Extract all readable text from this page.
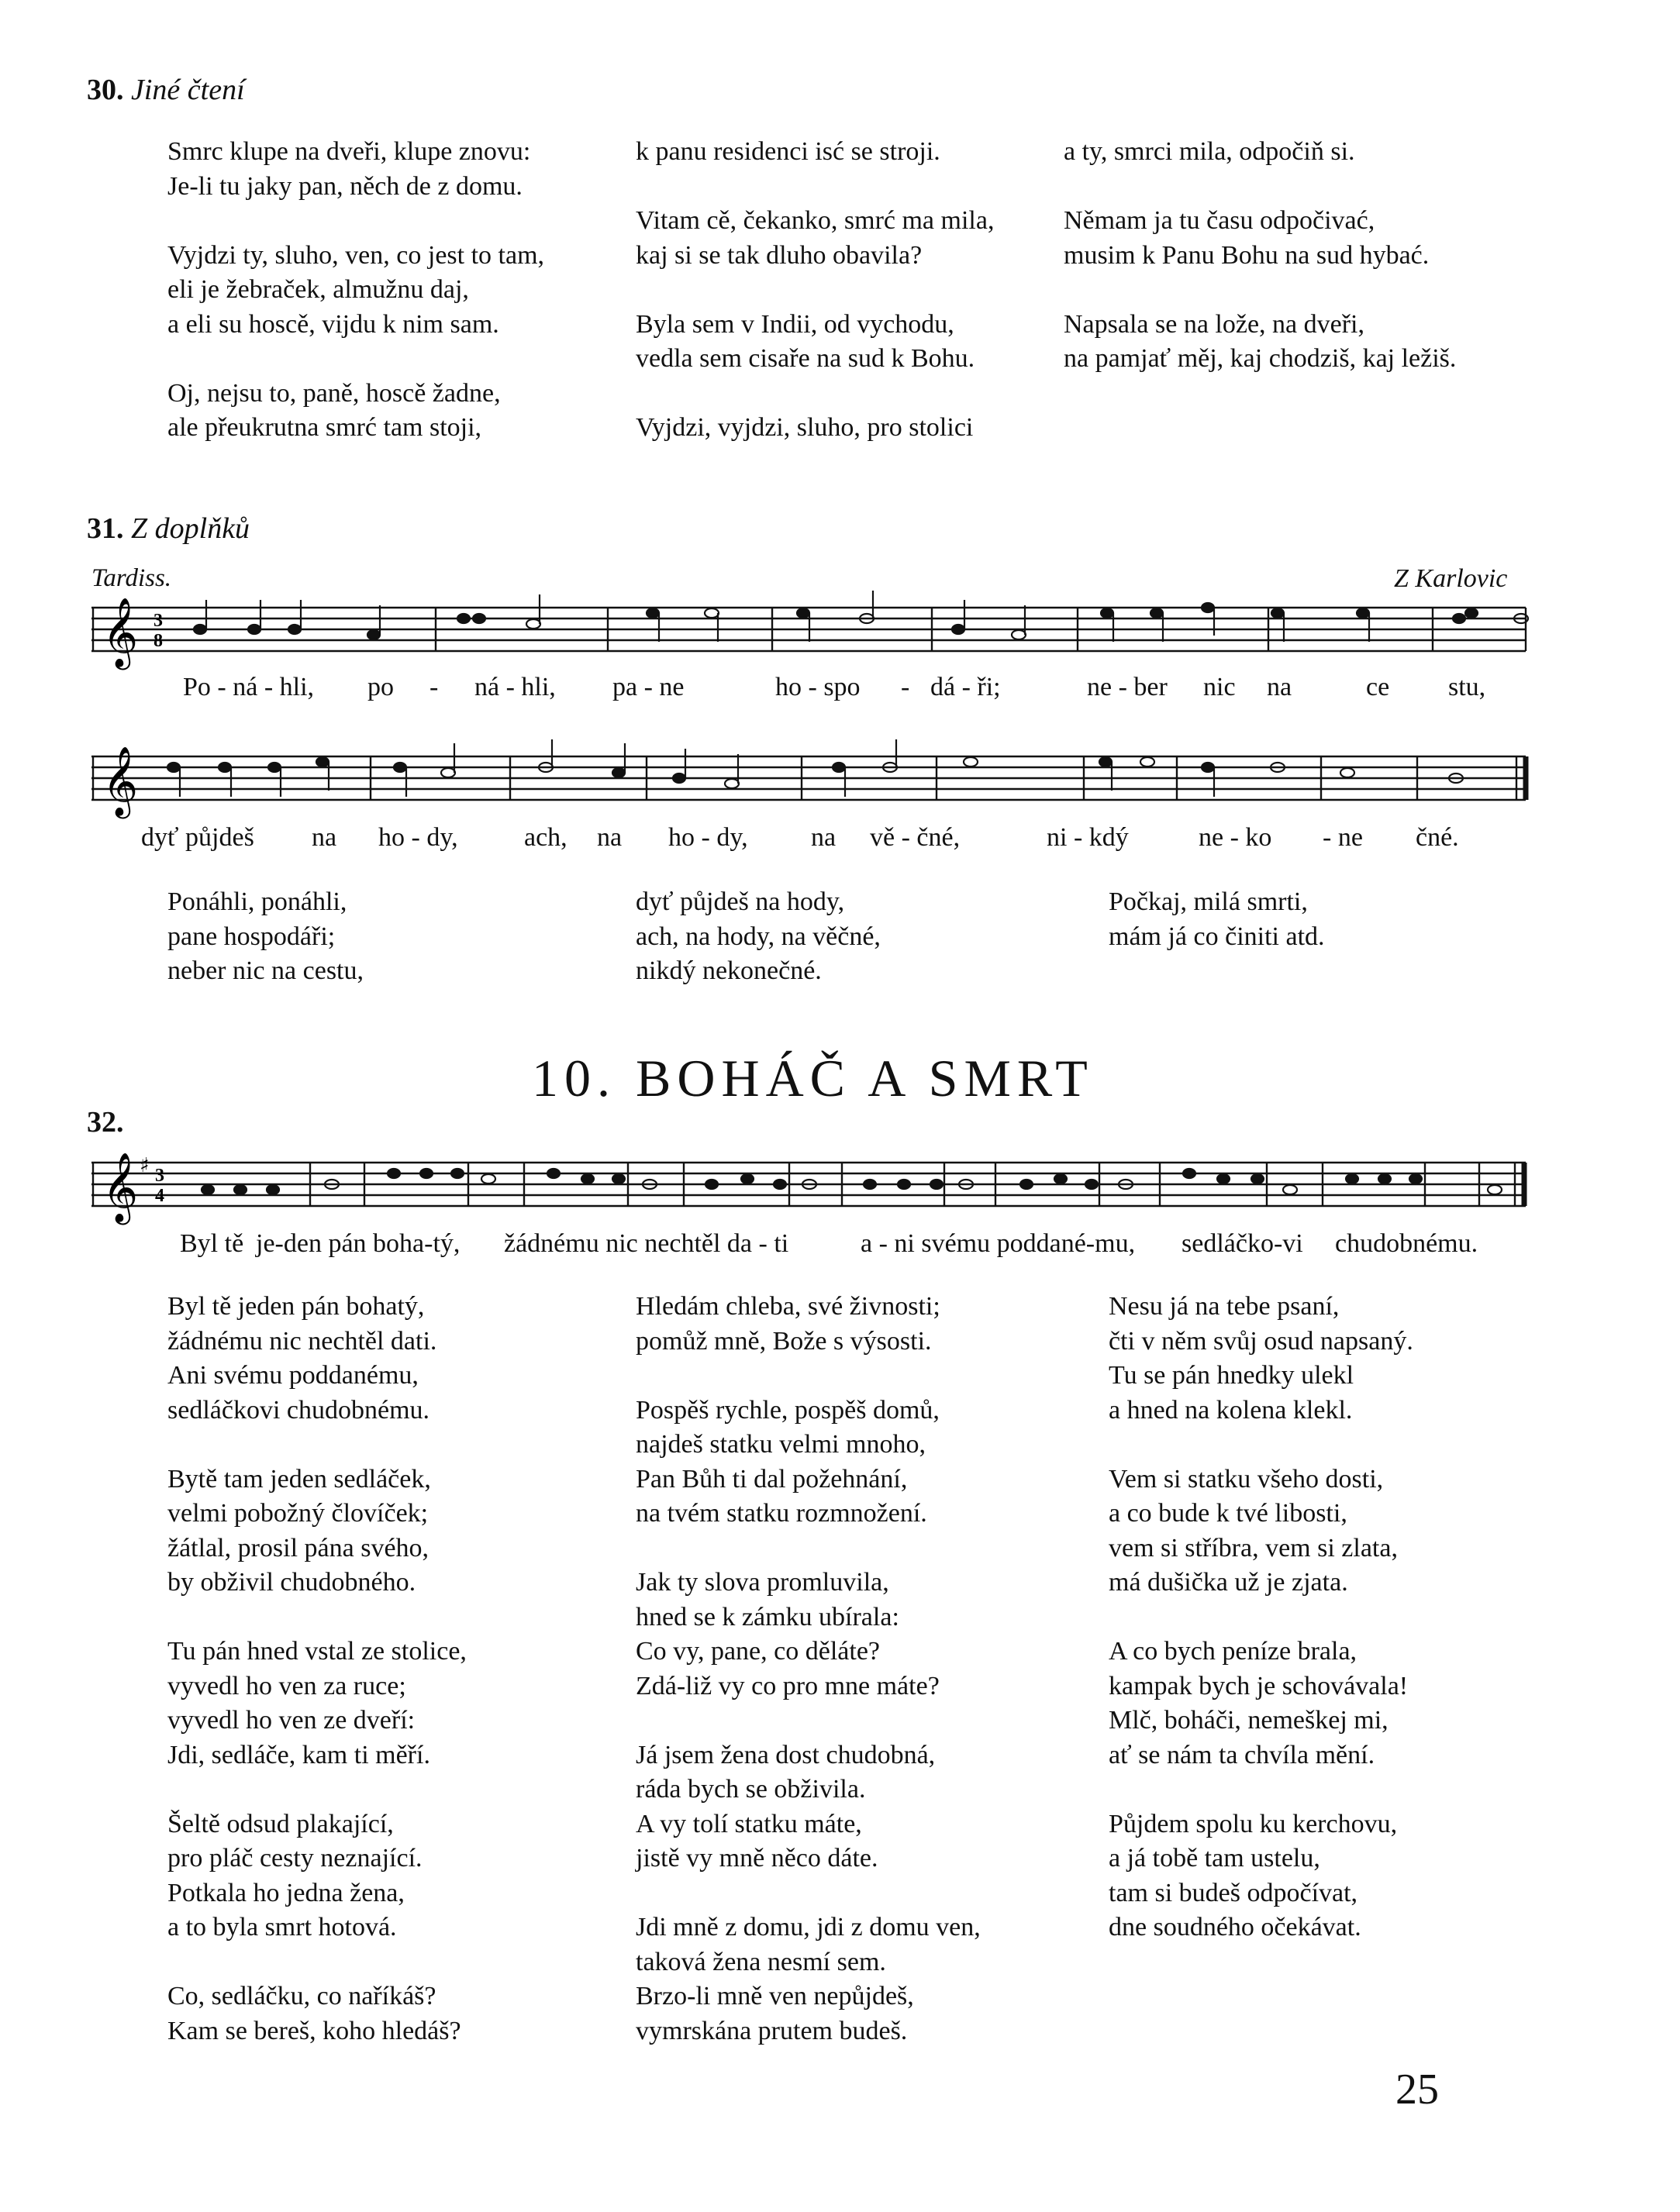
30. Jiné čtení
Smrc klupe na dveři, klupe znovu:
Je-li tu jaky pan, něch de z domu.

Vyjdzi ty, sluho, ven, co jest to tam,
eli je žebraček, almužnu daj,
a eli su hoscě, vijdu k nim sam.

Oj, nejsu to, paně, hoscě žadne,
ale přeukrutna smrć tam stoji,
k panu residenci isć se stroji.

Vitam cě, čekanko, smrć ma mila,
kaj si se tak dluho obavila?

Byla sem v Indii, od vychodu,
vedla sem cisaře na sud k Bohu.

Vyjdzi, vyjdzi, sluho, pro stolici
a ty, smrci mila, odpočiň si.

Němam ja tu času odpočivać,
musim k Panu Bohu na sud hybać.

Napsala se na lože, na dveři,
na pamjať měj, kaj chodziš, kaj ležiš.
31. Z doplňků
Tardiss.	Z Karlovic
𝄞 3
8
Po - ná - hli, po - ná - hli, pa - ne	ho - spo - dá - ři;	ne - ber nic na	ce stu,
𝄞
dyť půjdeš na ho - dy,	ach, na ho - dy, na vě - čné,	ni - kdý	ne - ko - ne čné.
Ponáhli, ponáhli,
pane hospodáři;
neber nic na cestu,
dyť půjdeš na hody,
ach, na hody, na věčné,
nikdý nekonečné.
Počkaj, milá smrti,
mám já co činiti atd.
10. BOHÁČ A SMRT
32.
𝄞 ♯ 3
4
Byl tě je-den pán boha-tý, žádnému nic nechtěl da - ti	a - ni svému poddané-mu, sedláčko-vi chudobnému.
Byl tě jeden pán bohatý,
žádnému nic nechtěl dati.
Ani svému poddanému,
sedláčkovi chudobnému.

Bytě tam jeden sedláček,
velmi pobožný človíček;
žátlal, prosil pána svého,
by obživil chudobného.

Tu pán hned vstal ze stolice,
vyvedl ho ven za ruce;
vyvedl ho ven ze dveří:
Jdi, sedláče, kam ti měří.

Šeltě odsud plakající,
pro pláč cesty neznající.
Potkala ho jedna žena,
a to byla smrt hotová.

Co, sedláčku, co naříkáš?
Kam se bereš, koho hledáš?
Hledám chleba, své živnosti;
pomůž mně, Bože s výsosti.

Pospěš rychle, pospěš domů,
najdeš statku velmi mnoho,
Pan Bůh ti dal požehnání,
na tvém statku rozmnožení.

Jak ty slova promluvila,
hned se k zámku ubírala:
Co vy, pane, co děláte?
Zdá-liž vy co pro mne máte?

Já jsem žena dost chudobná,
ráda bych se obživila.
A vy tolí statku máte,
jistě vy mně něco dáte.

Jdi mně z domu, jdi z domu ven,
taková žena nesmí sem.
Brzo-li mně ven nepůjdeš,
vymrskána prutem budeš.
Nesu já na tebe psaní,
čti v něm svůj osud napsaný.
Tu se pán hnedky ulekl
a hned na kolena klekl.

Vem si statku všeho dosti,
a co bude k tvé libosti,
vem si stříbra, vem si zlata,
má dušička už je zjata.

A co bych peníze brala,
kampak bych je schovávala!
Mlč, boháči, nemeškej mi,
ať se nám ta chvíla mění.

Půjdem spolu ku kerchovu,
a já tobě tam ustelu,
tam si budeš odpočívat,
dne soudného očekávat.
25
